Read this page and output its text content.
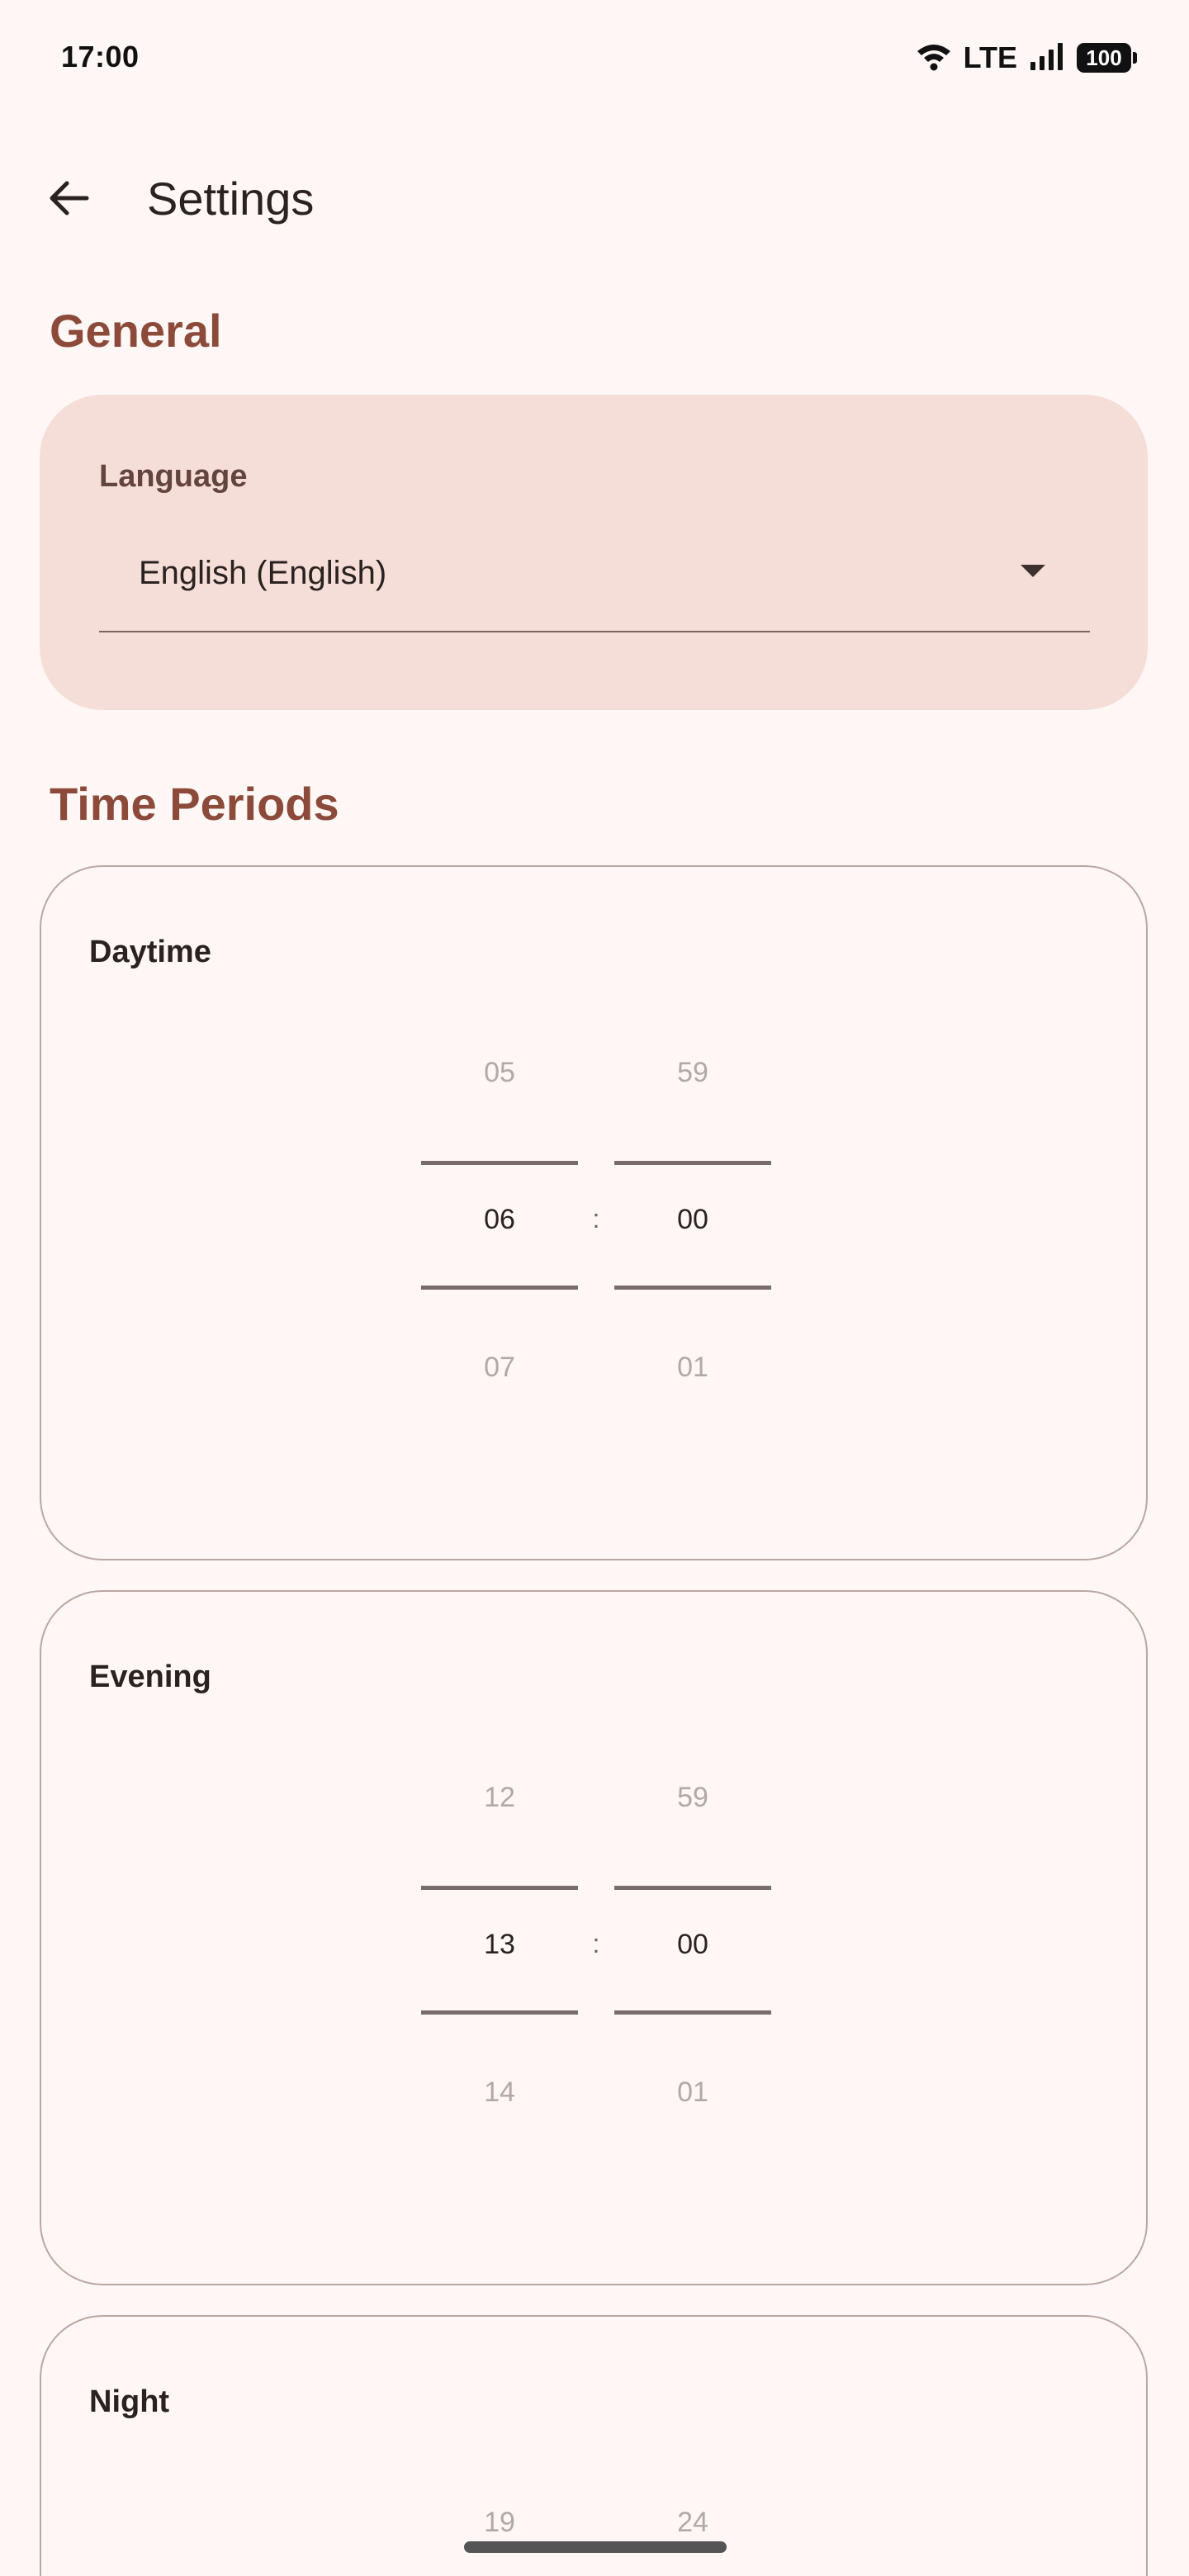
17:00	LTE	100
Settings
General
Language
English (English)
Time Periods
Daytime
05
06
07
:
59
00
01
Evening
12
13
14
:
59
00
01
Night
19	24
